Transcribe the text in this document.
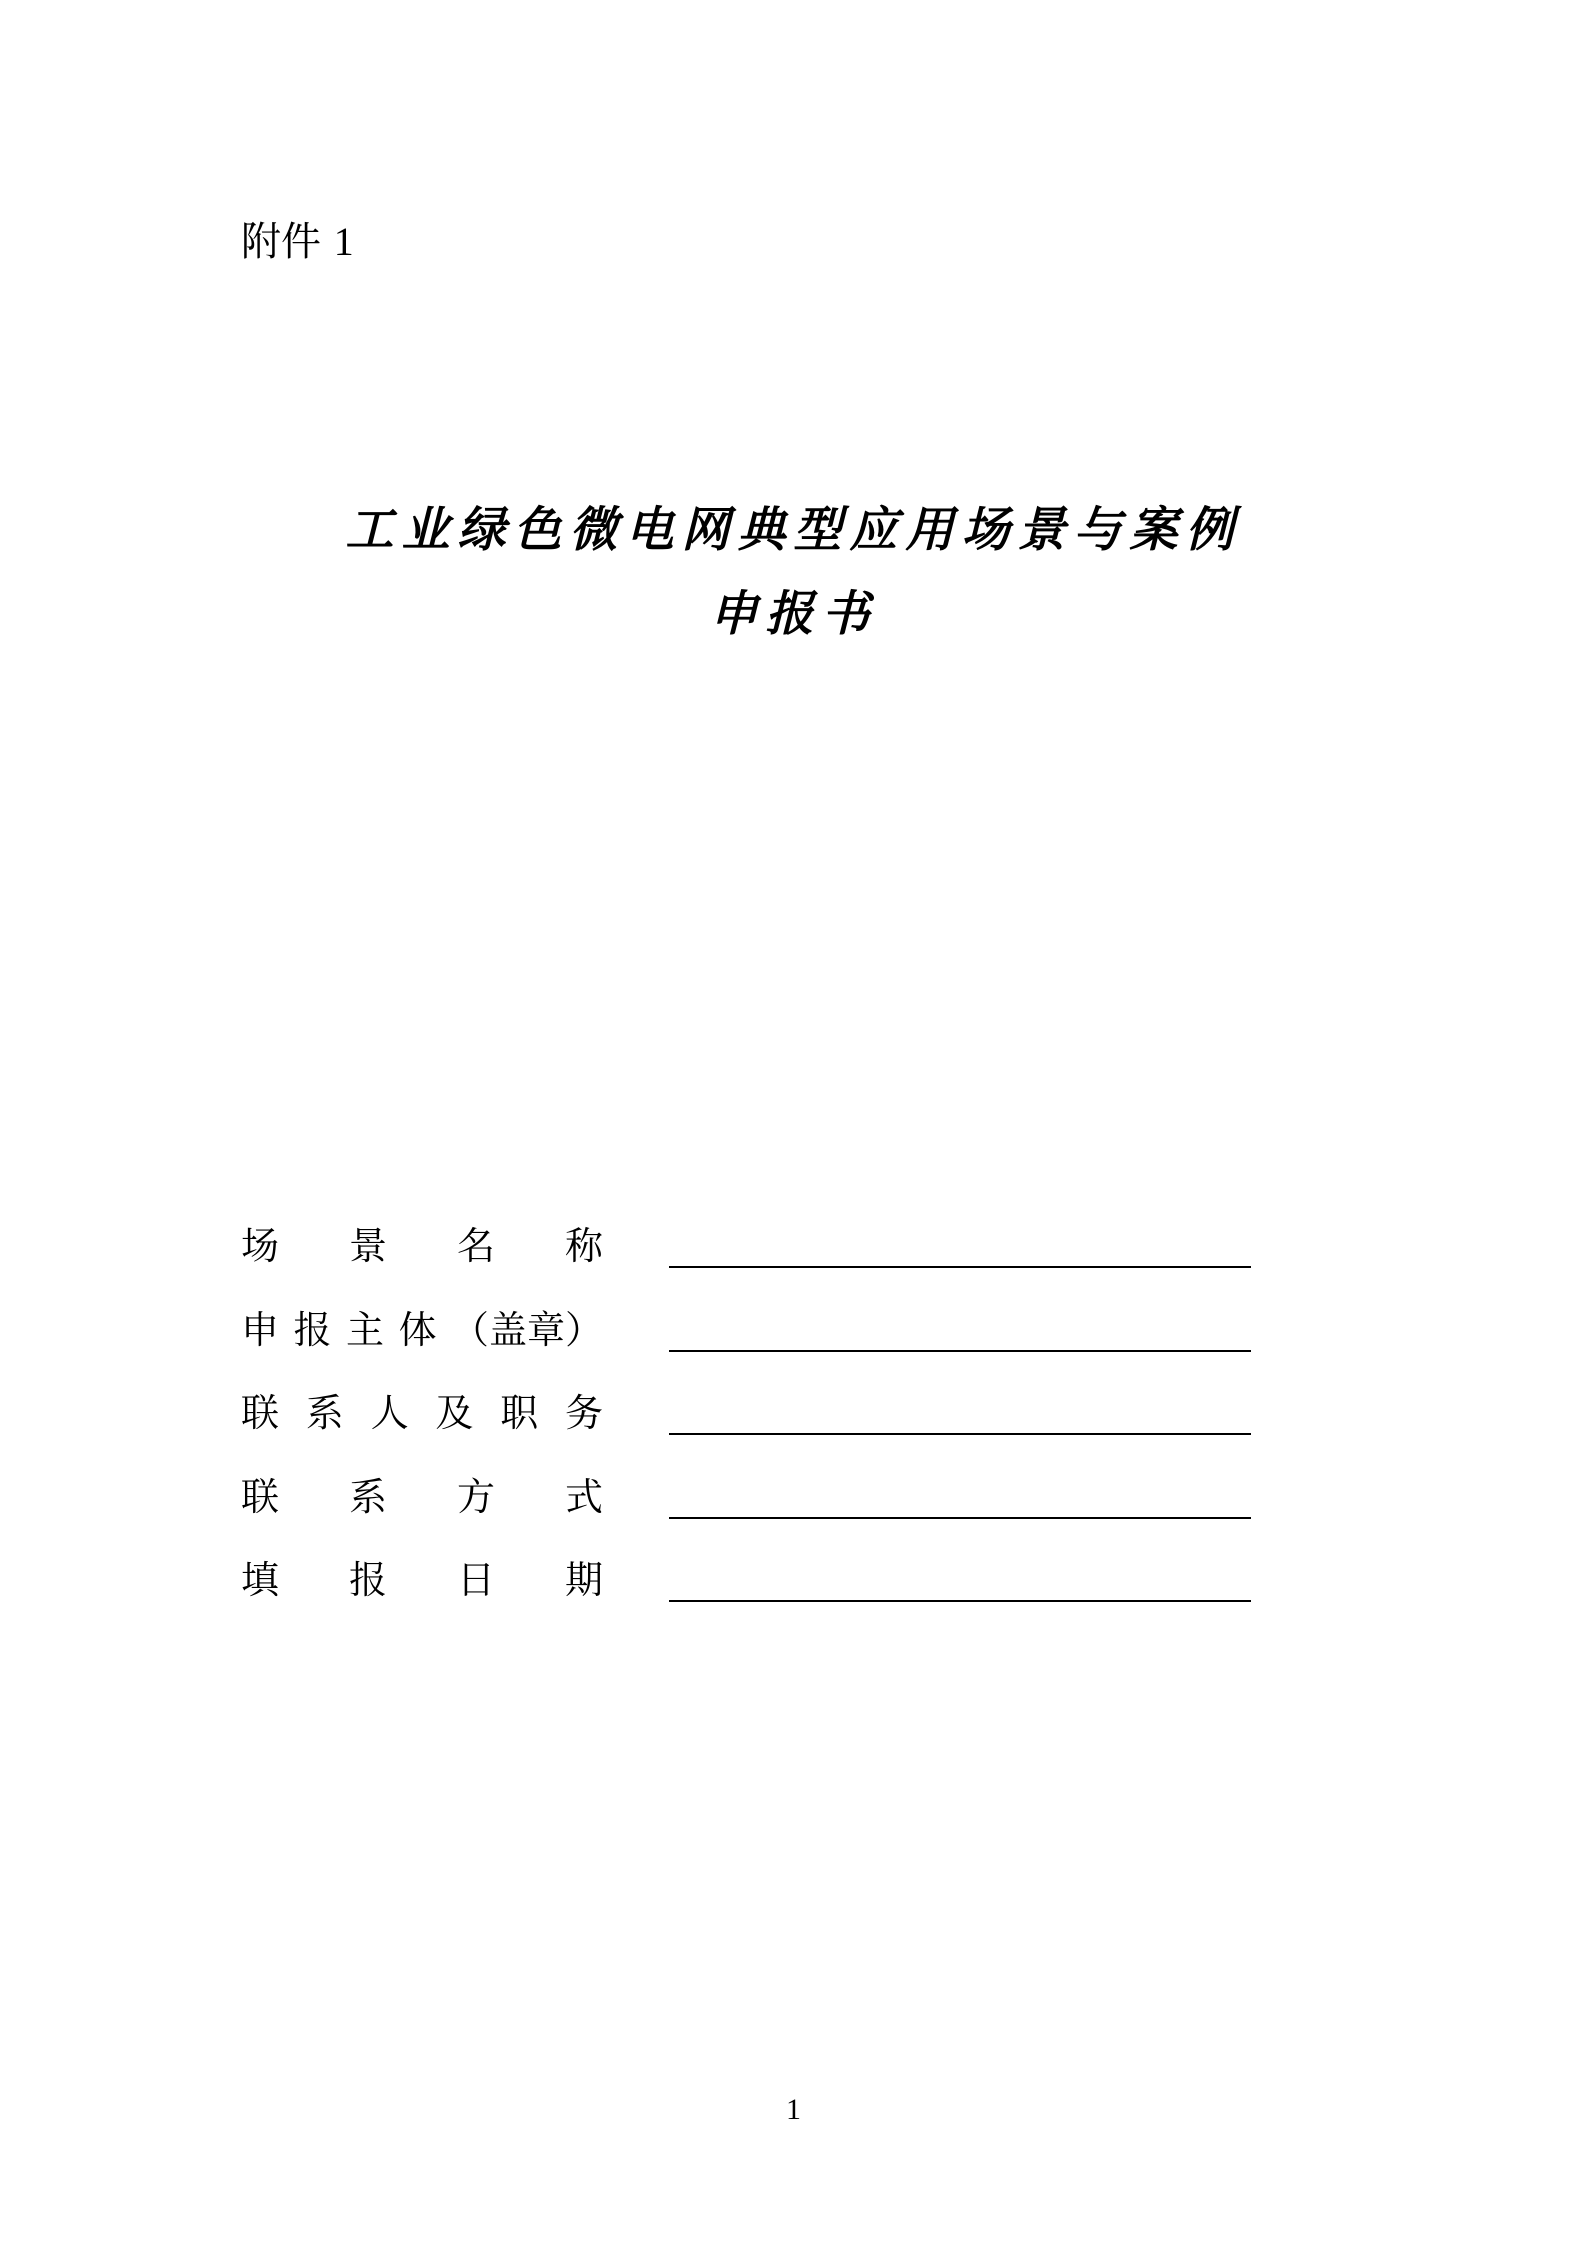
附件 1
工业绿色微电网典型应用场景与案例
申报书
场 景 名 称
申 报 主 体 （盖章）
联 系 人 及 职 务
联 系 方 式
填 报 日 期
1
